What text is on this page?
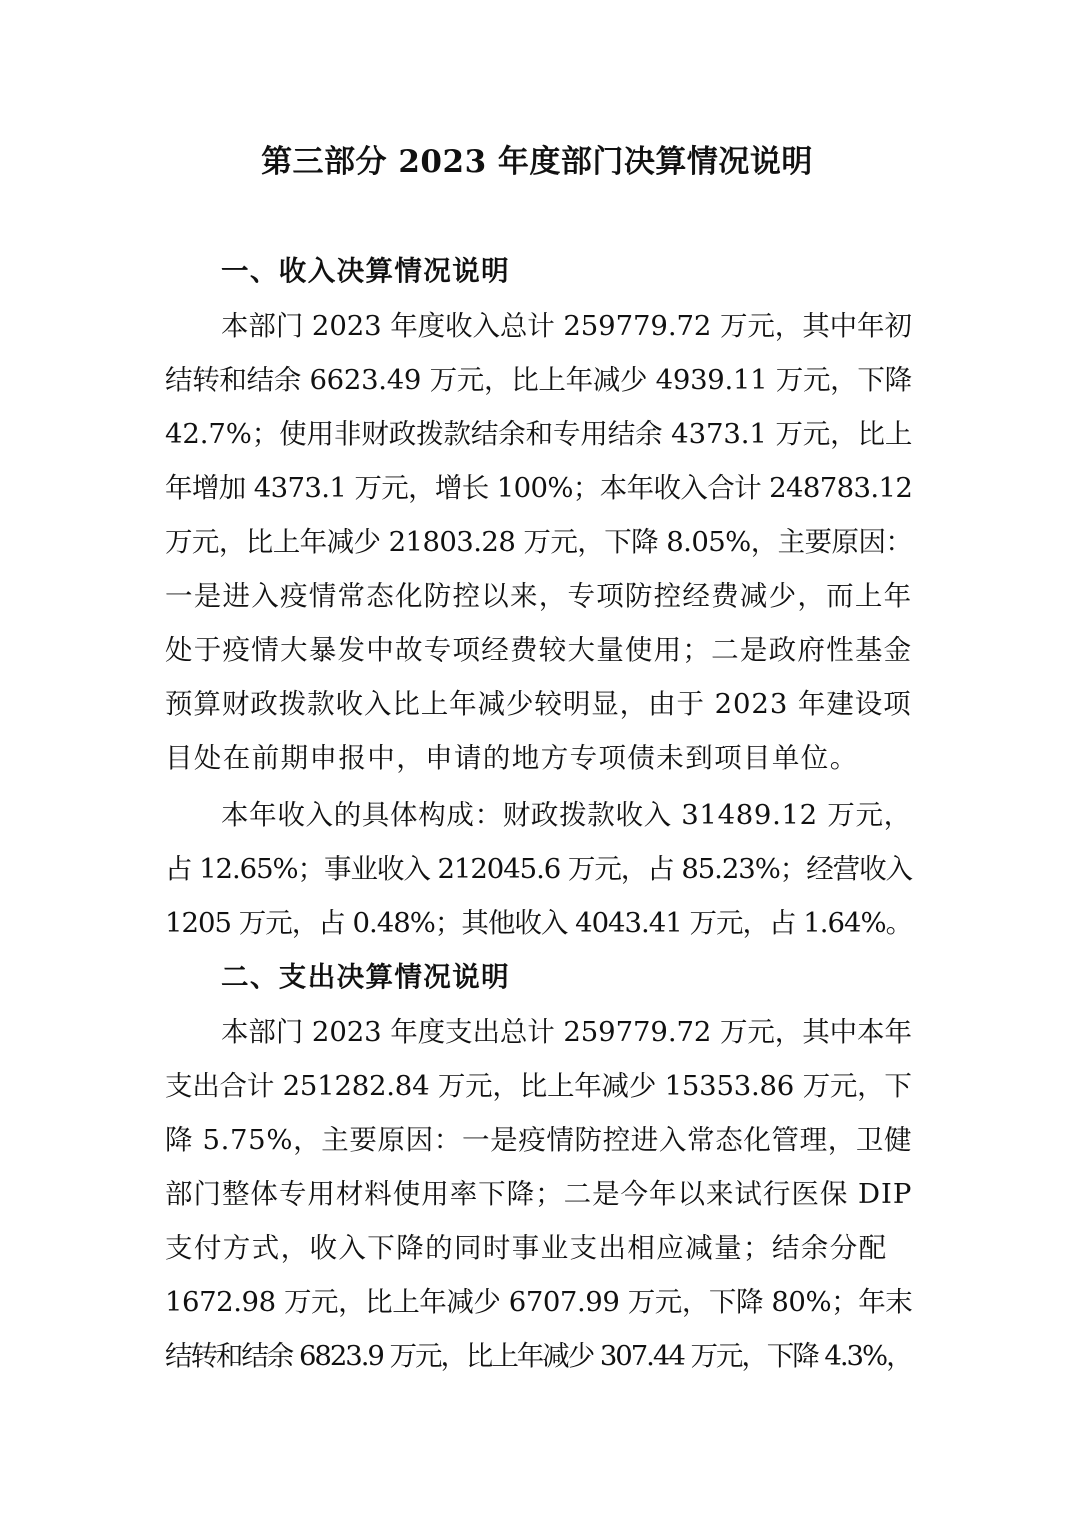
第三部分 2023 年度部门决算情况说明
一、收入决算情况说明
本部门 2023 年度收入总计 259779.72 万元，其中年初
结转和结余 6623.49 万元，比上年减少 4939.11 万元，下降
42.7%；使用非财政拨款结余和专用结余 4373.1 万元，比上
年增加 4373.1 万元，增长 100%；本年收入合计 248783.12
万元，比上年减少 21803.28 万元，下降 8.05%，主要原因：
一是进入疫情常态化防控以来，专项防控经费减少，而上年
处于疫情大暴发中故专项经费较大量使用；二是政府性基金
预算财政拨款收入比上年减少较明显，由于 2023 年建设项
目处在前期申报中，申请的地方专项债未到项目单位。
本年收入的具体构成：财政拨款收入 31489.12 万元，
占 12.65%；事业收入 212045.6 万元，占 85.23%；经营收入
1205 万元，占 0.48%；其他收入 4043.41 万元，占 1.64%。
二、支出决算情况说明
本部门 2023 年度支出总计 259779.72 万元，其中本年
支出合计 251282.84 万元，比上年减少 15353.86 万元，下
降 5.75%，主要原因：一是疫情防控进入常态化管理，卫健
部门整体专用材料使用率下降；二是今年以来试行医保 DIP
支付方式，收入下降的同时事业支出相应减量；结余分配
1672.98 万元，比上年减少 6707.99 万元，下降 80%；年末
结转和结余 6823.9 万元，比上年减少 307.44 万元，下降 4.3%，
